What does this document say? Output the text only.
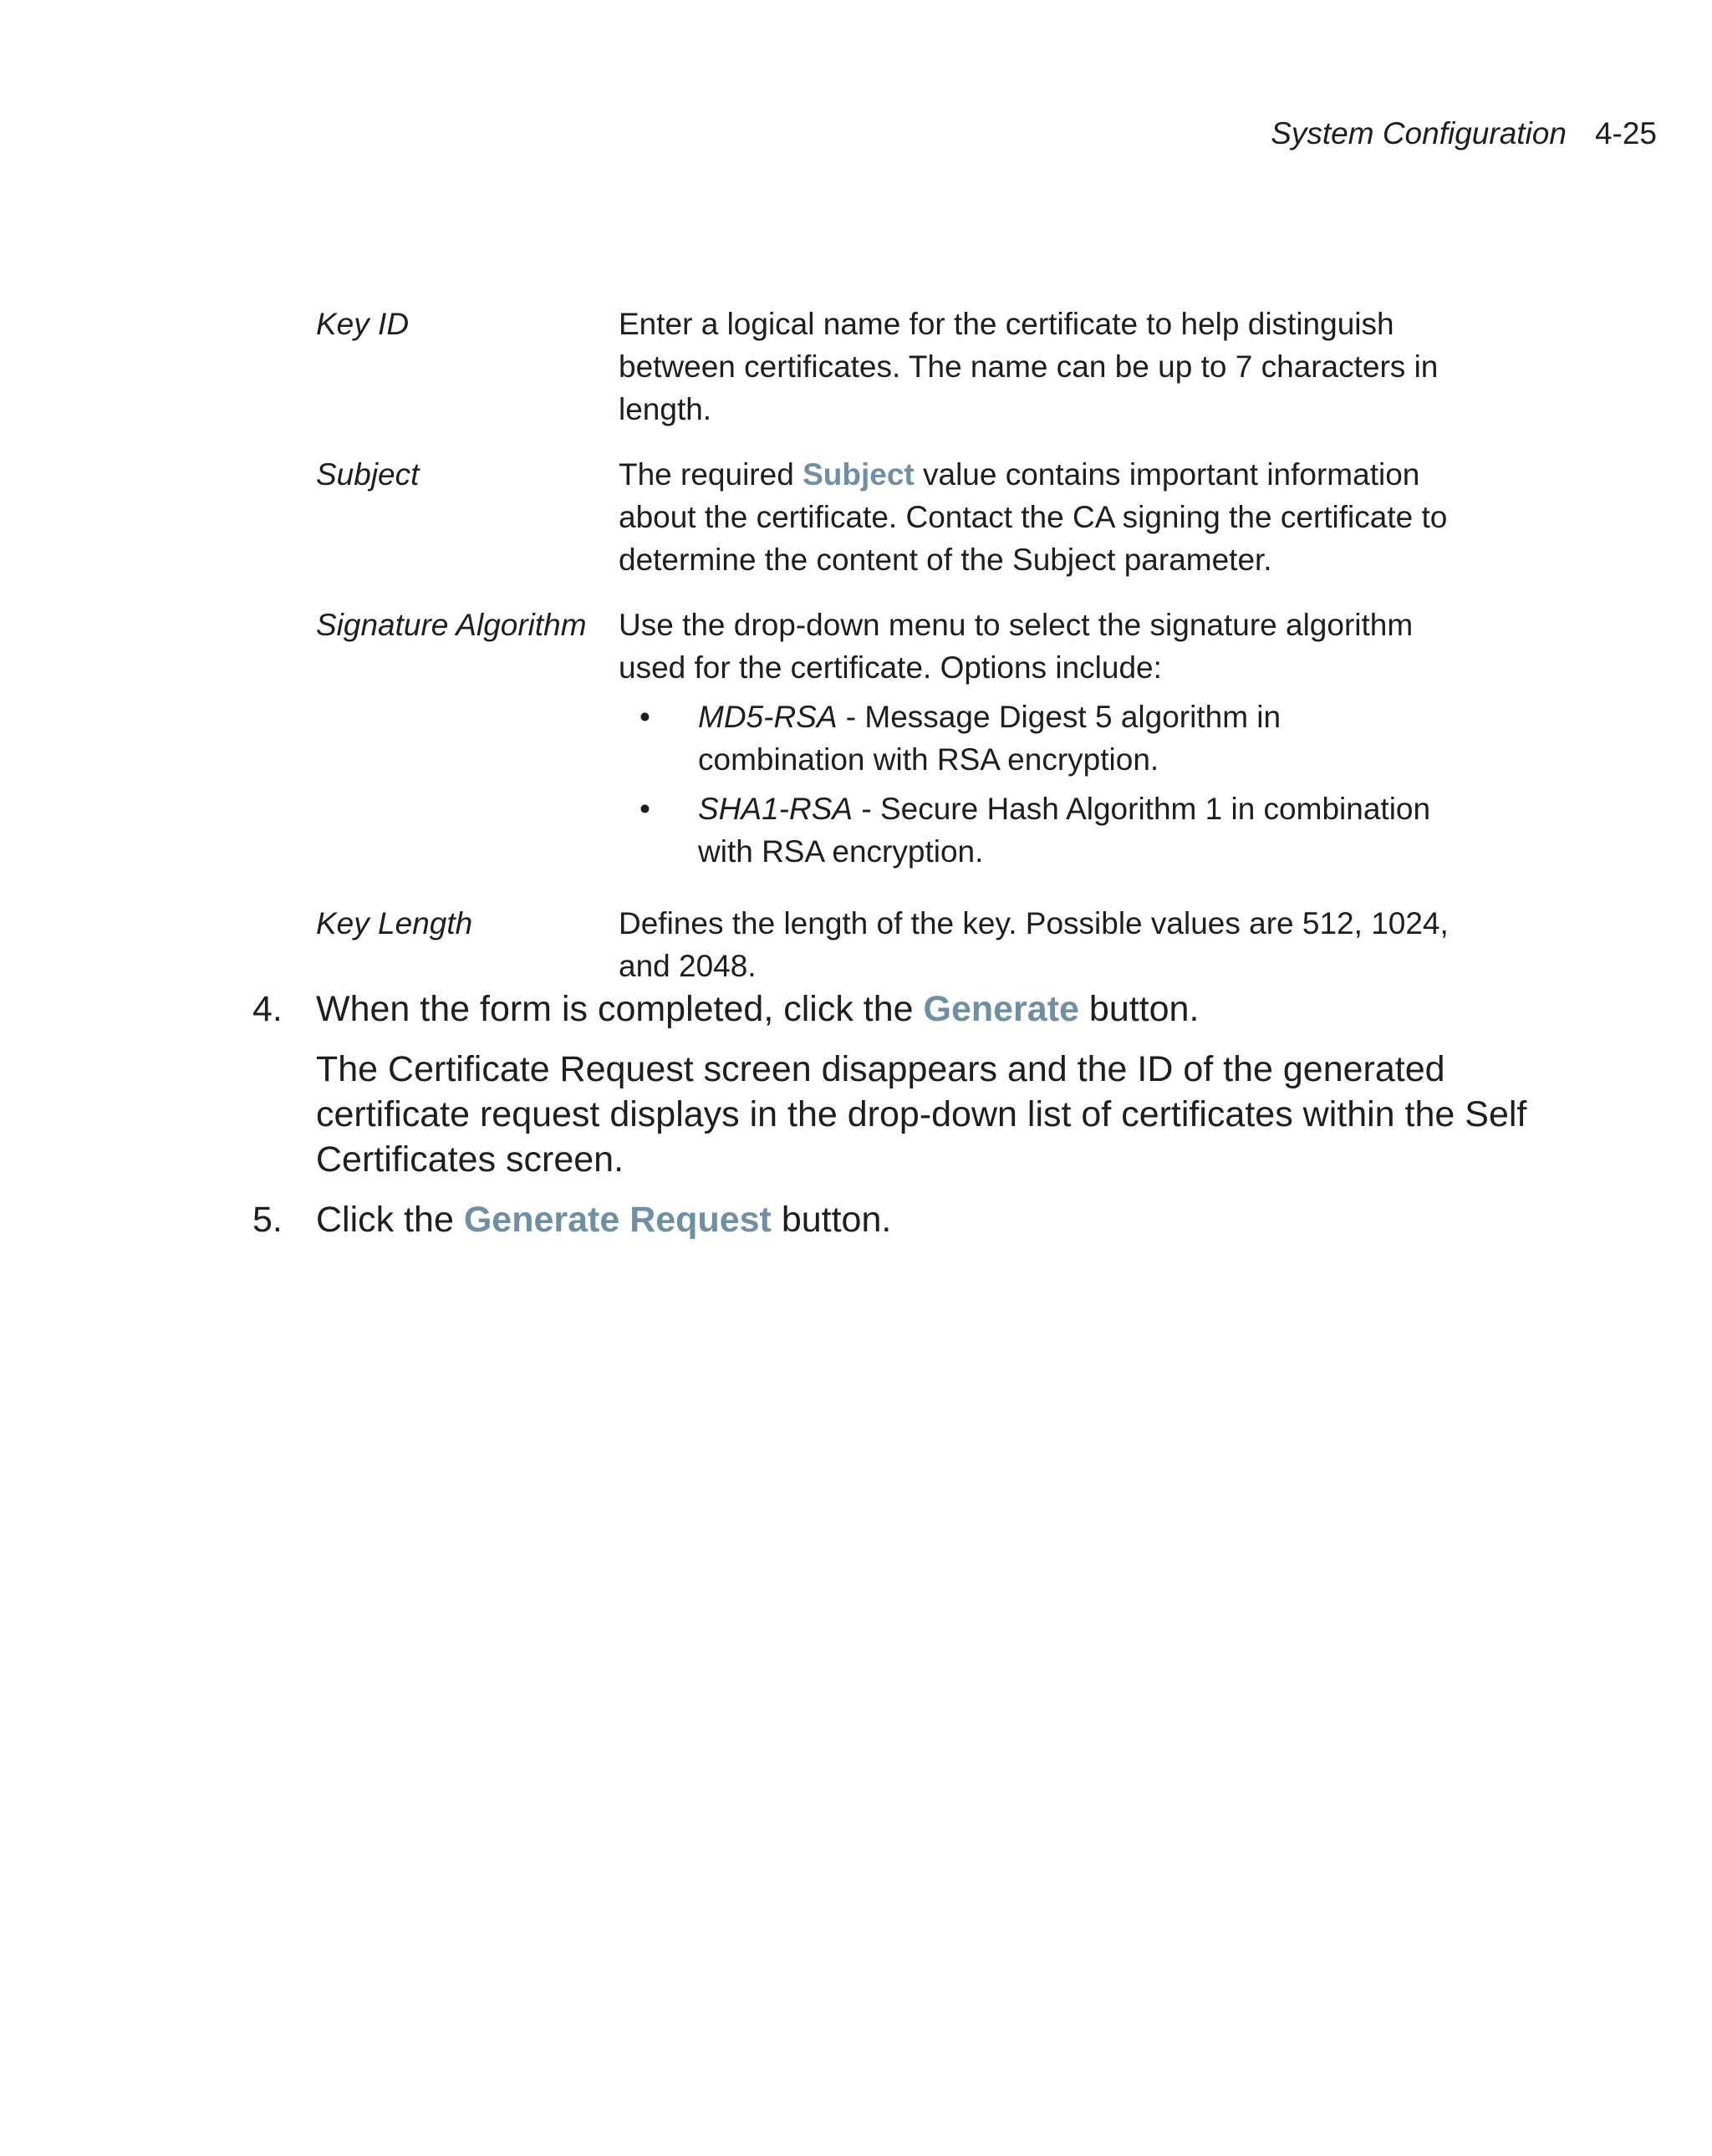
System Configuration 4-25
Key ID	Enter a logical name for the certificate to help distinguish between certificates. The name can be up to 7 characters in length.
Subject	The required Subject value contains important information about the certificate. Contact the CA signing the certificate to determine the content of the Subject parameter.
Signature Algorithm	Use the drop-down menu to select the signature algorithm used for the certificate. Options include:
• MD5-RSA - Message Digest 5 algorithm in combination with RSA encryption.
• SHA1-RSA - Secure Hash Algorithm 1 in combination with RSA encryption.
Key Length	Defines the length of the key. Possible values are 512, 1024, and 2048.
4. When the form is completed, click the Generate button.

The Certificate Request screen disappears and the ID of the generated certificate request displays in the drop-down list of certificates within the Self Certificates screen.

5. Click the Generate Request button.
